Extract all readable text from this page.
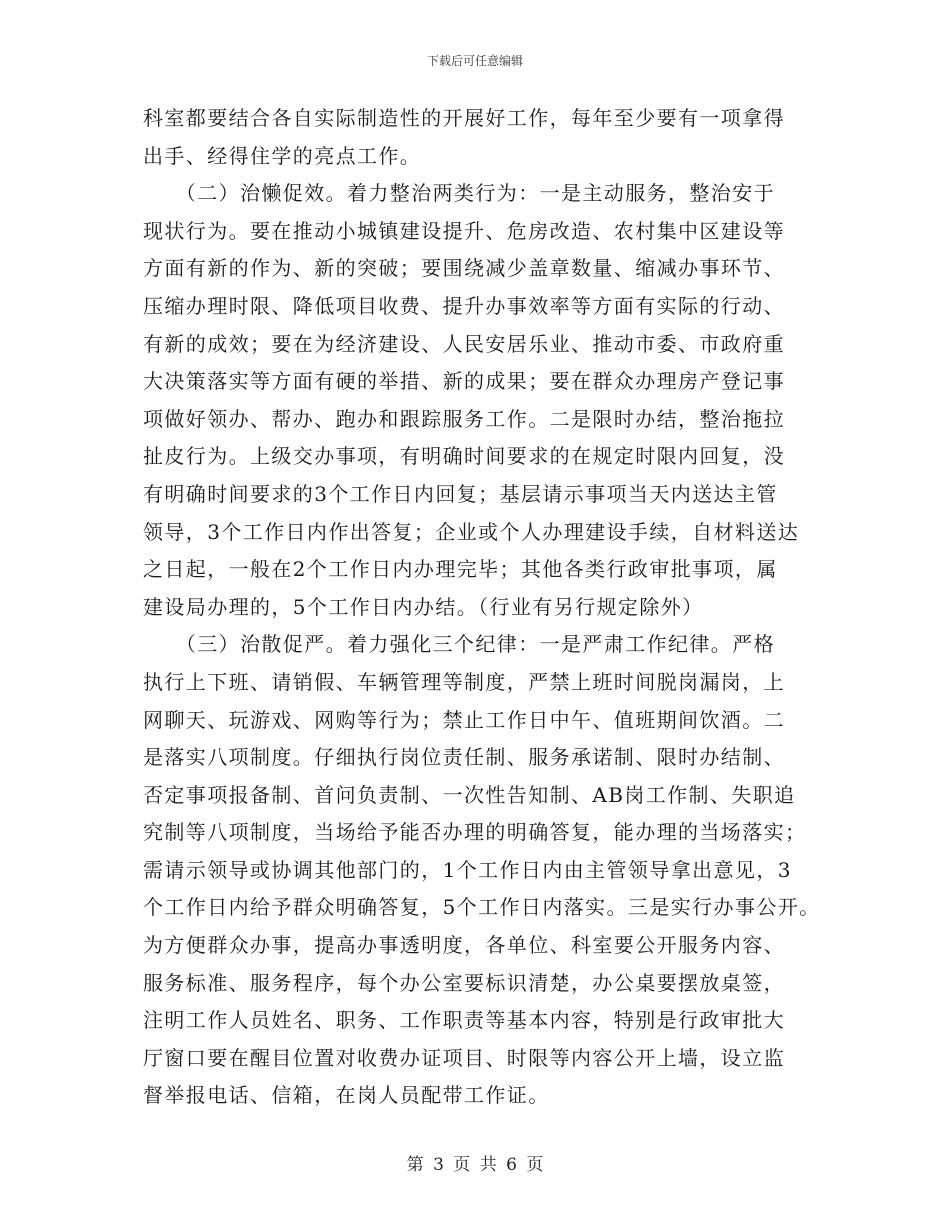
下载后可任意编辑
科室都要结合各自实际制造性的开展好工作，每年至少要有一项拿得
出手、经得住学的亮点工作。
　　（二）治懒促效。着力整治两类行为：一是主动服务，整治安于
现状行为。要在推动小城镇建设提升、危房改造、农村集中区建设等
方面有新的作为、新的突破；要围绕减少盖章数量、缩减办事环节、
压缩办理时限、降低项目收费、提升办事效率等方面有实际的行动、
有新的成效；要在为经济建设、人民安居乐业、推动市委、市政府重
大决策落实等方面有硬的举措、新的成果；要在群众办理房产登记事
项做好领办、帮办、跑办和跟踪服务工作。二是限时办结，整治拖拉
扯皮行为。上级交办事项，有明确时间要求的在规定时限内回复，没
有明确时间要求的3个工作日内回复；基层请示事项当天内送达主管
领导，3个工作日内作出答复；企业或个人办理建设手续，自材料送达
之日起，一般在2个工作日内办理完毕；其他各类行政审批事项，属
建设局办理的，5个工作日内办结。（行业有另行规定除外）
　　（三）治散促严。着力强化三个纪律：一是严肃工作纪律。严格
执行上下班、请销假、车辆管理等制度，严禁上班时间脱岗漏岗，上
网聊天、玩游戏、网购等行为；禁止工作日中午、值班期间饮酒。二
是落实八项制度。仔细执行岗位责任制、服务承诺制、限时办结制、
否定事项报备制、首问负责制、一次性告知制、AB岗工作制、失职追
究制等八项制度，当场给予能否办理的明确答复，能办理的当场落实；
需请示领导或协调其他部门的，1个工作日内由主管领导拿出意见，3
个工作日内给予群众明确答复，5个工作日内落实。三是实行办事公开。
为方便群众办事，提高办事透明度，各单位、科室要公开服务内容、
服务标准、服务程序，每个办公室要标识清楚，办公桌要摆放桌签，
注明工作人员姓名、职务、工作职责等基本内容，特别是行政审批大
厅窗口要在醒目位置对收费办证项目、时限等内容公开上墙，设立监
督举报电话、信箱，在岗人员配带工作证。
第 3 页 共 6 页
